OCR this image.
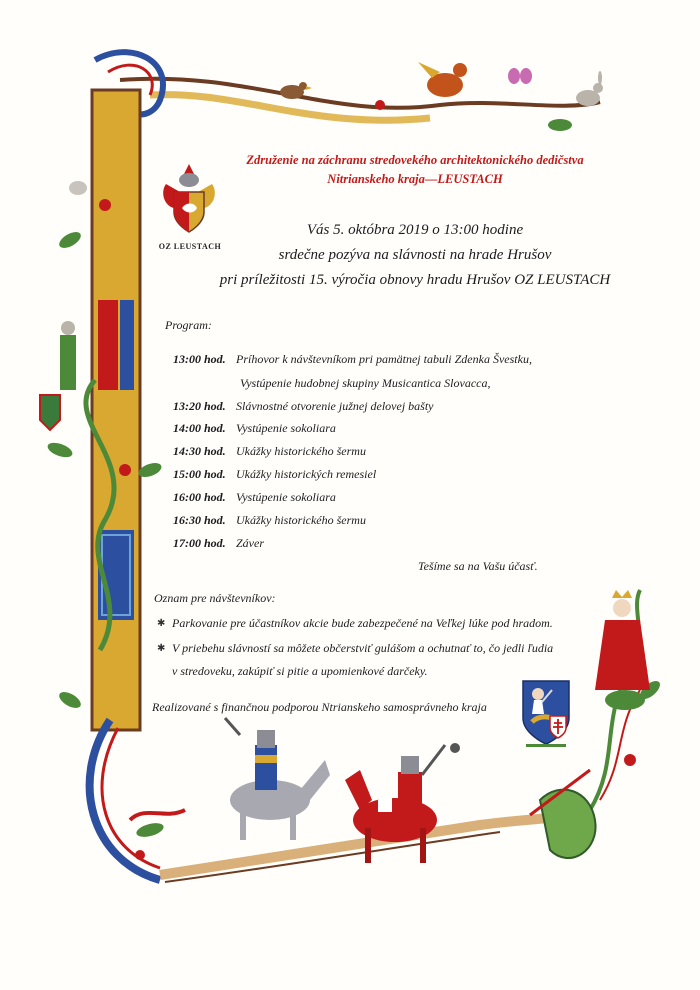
Združenie na záchranu stredovekého architektonického dedičstva
Nitrianskeho kraja—LEUSTACH
OZ LEUSTACH
Vás 5. októbra 2019 o 13:00 hodine
srdečne pozýva na slávnosti na hrade Hrušov
pri príležitosti 15. výročia obnovy hradu Hrušov OZ LEUSTACH
Program:
13:00 hod. Príhovor k návštevníkom pri pamätnej tabuli Zdenka Švestku,
Vystúpenie hudobnej skupiny Musicantica Slovacca,
13:20 hod. Slávnostné otvorenie južnej delovej bašty
14:00 hod. Vystúpenie sokoliara
14:30 hod. Ukážky historického šermu
15:00 hod. Ukážky historických remesiel
16:00 hod. Vystúpenie sokoliara
16:30 hod. Ukážky historického šermu
17:00 hod. Záver
Tešíme sa na Vašu účasť.
Oznam pre návštevníkov:
✱ Parkovanie pre účastníkov akcie bude zabezpečené na Veľkej lúke pod hradom.
✱ V priebehu slávností sa môžete občerstviť gulášom a ochutnať to, čo jedli ľudia
v stredoveku, zakúpiť si pitie a upomienkové darčeky.
Realizované s finančnou podporou Ntrianskeho samosprávneho kraja
